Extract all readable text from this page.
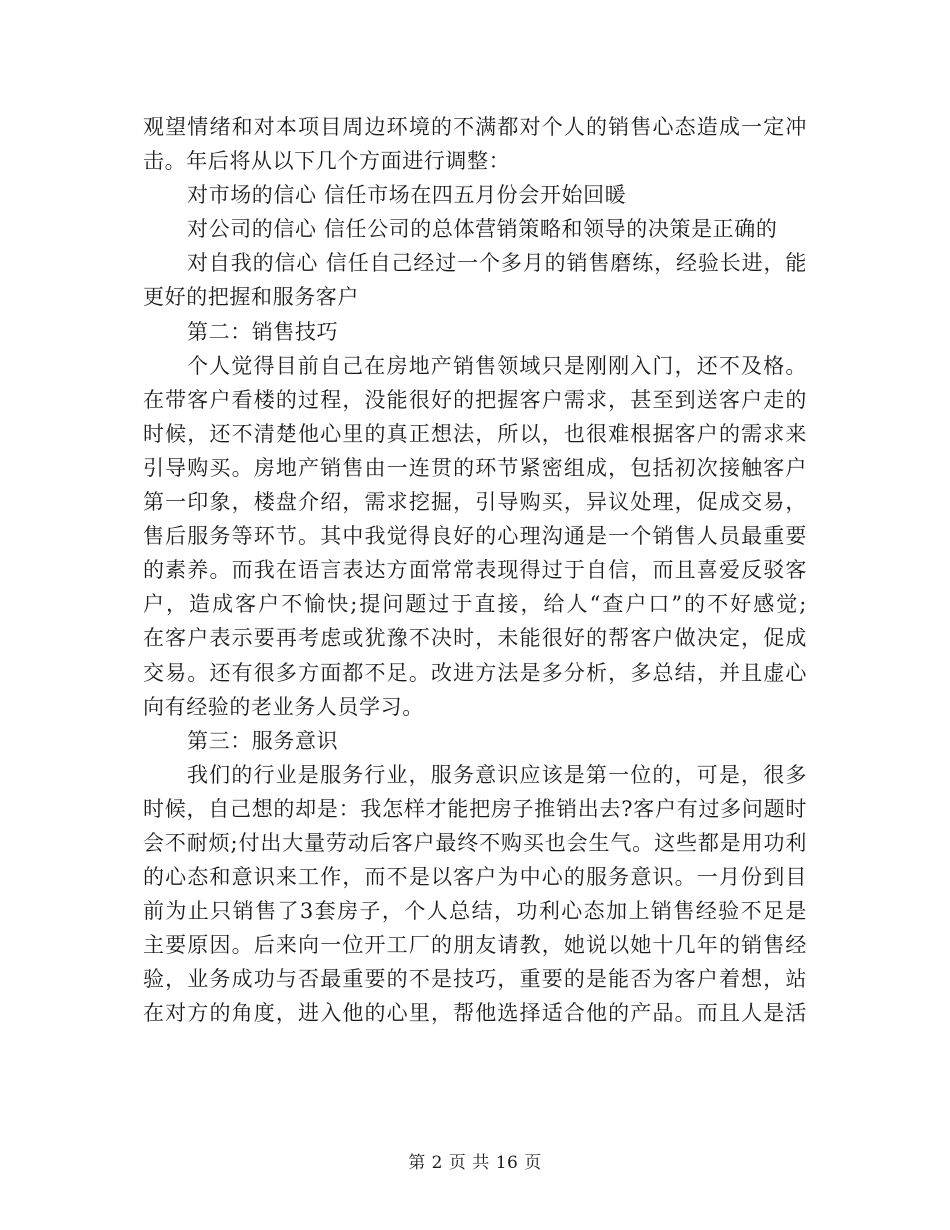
观望情绪和对本项目周边环境的不满都对个人的销售心态造成一定冲
击。年后将从以下几个方面进行调整：
对市场的信心 信任市场在四五月份会开始回暖
对公司的信心 信任公司的总体营销策略和领导的决策是正确的
对自我的信心 信任自己经过一个多月的销售磨练，经验长进，能
更好的把握和服务客户
第二：销售技巧
个人觉得目前自己在房地产销售领域只是刚刚入门，还不及格。
在带客户看楼的过程，没能很好的把握客户需求，甚至到送客户走的
时候，还不清楚他心里的真正想法，所以，也很难根据客户的需求来
引导购买。房地产销售由一连贯的环节紧密组成，包括初次接触客户
第一印象，楼盘介绍，需求挖掘，引导购买，异议处理，促成交易，
售后服务等环节。其中我觉得良好的心理沟通是一个销售人员最重要
的素养。而我在语言表达方面常常表现得过于自信，而且喜爱反驳客
户，造成客户不愉快;提问题过于直接，给人“查户口”的不好感觉;
在客户表示要再考虑或犹豫不决时，未能很好的帮客户做决定，促成
交易。还有很多方面都不足。改进方法是多分析，多总结，并且虚心
向有经验的老业务人员学习。
第三：服务意识
我们的行业是服务行业，服务意识应该是第一位的，可是，很多
时候，自己想的却是：我怎样才能把房子推销出去?客户有过多问题时
会不耐烦;付出大量劳动后客户最终不购买也会生气。这些都是用功利
的心态和意识来工作，而不是以客户为中心的服务意识。一月份到目
前为止只销售了3套房子，个人总结，功利心态加上销售经验不足是
主要原因。后来向一位开工厂的朋友请教，她说以她十几年的销售经
验，业务成功与否最重要的不是技巧，重要的是能否为客户着想，站
在对方的角度，进入他的心里，帮他选择适合他的产品。而且人是活
第 2 页 共 16 页
